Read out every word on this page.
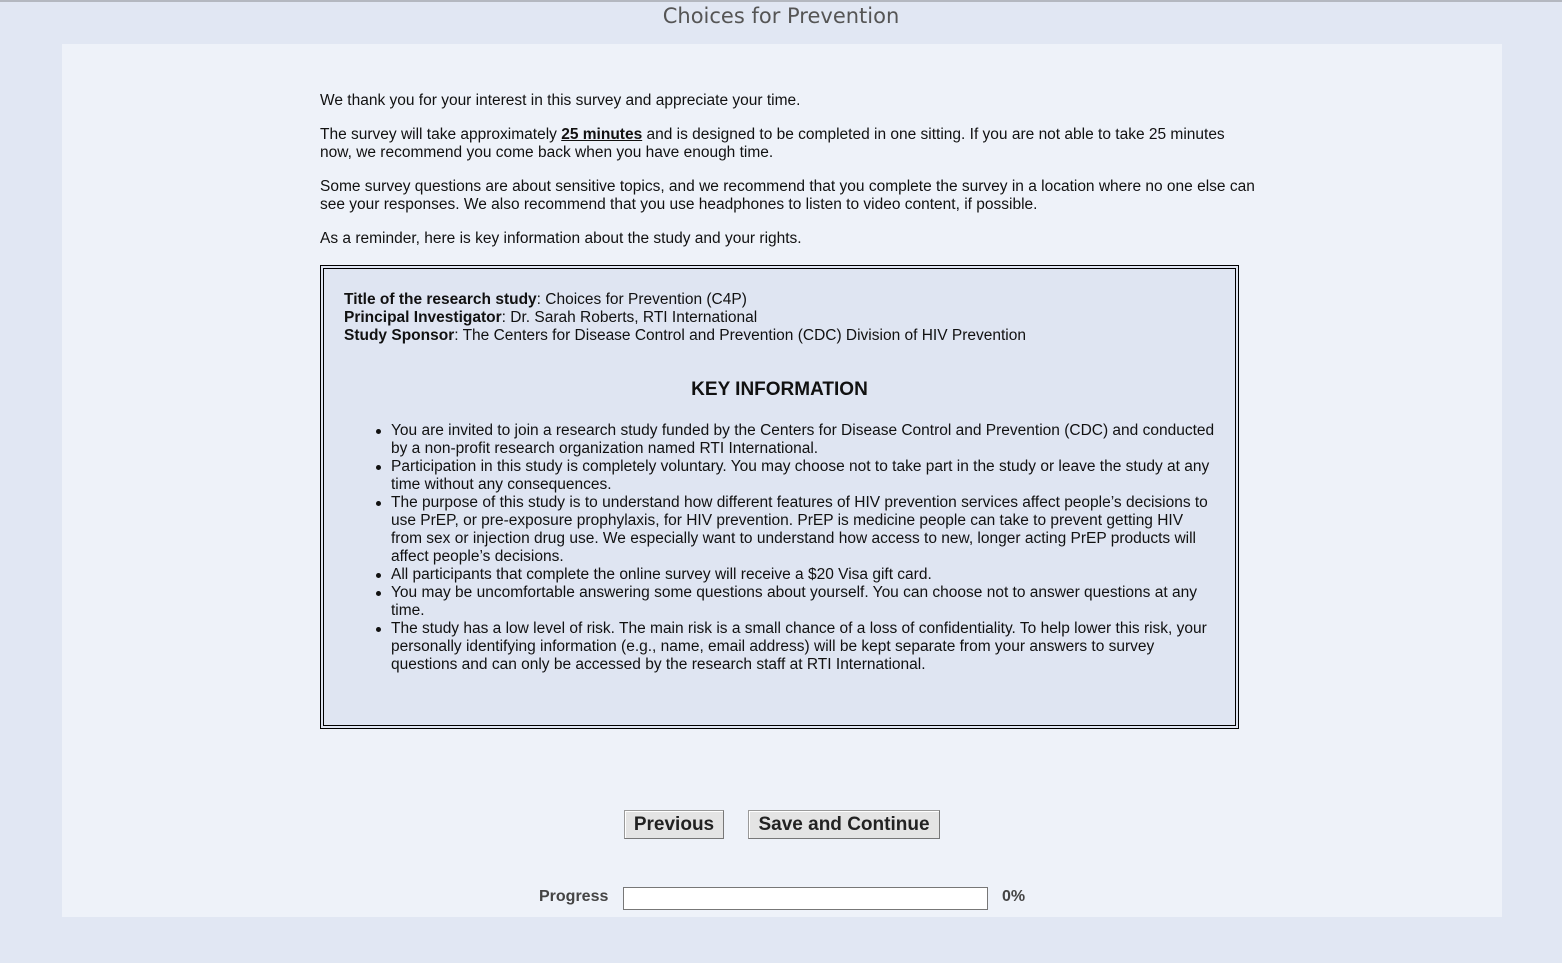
Choices for Prevention

We thank you for your interest in this survey and appreciate your time.

The survey will take approximately 25 minutes and is designed to be completed in one sitting. If you are not able to take 25 minutes now, we recommend you come back when you have enough time.

Some survey questions are about sensitive topics, and we recommend that you complete the survey in a location where no one else can see your responses. We also recommend that you use headphones to listen to video content, if possible.

As a reminder, here is key information about the study and your rights.

Title of the research study: Choices for Prevention (C4P)
Principal Investigator: Dr. Sarah Roberts, RTI International
Study Sponsor: The Centers for Disease Control and Prevention (CDC) Division of HIV Prevention
KEY INFORMATION
You are invited to join a research study funded by the Centers for Disease Control and Prevention (CDC) and conducted by a non-profit research organization named RTI International.
Participation in this study is completely voluntary. You may choose not to take part in the study or leave the study at any time without any consequences.
The purpose of this study is to understand how different features of HIV prevention services affect people’s decisions to use PrEP, or pre-exposure prophylaxis, for HIV prevention. PrEP is medicine people can take to prevent getting HIV from sex or injection drug use. We especially want to understand how access to new, longer acting PrEP products will affect people’s decisions.
All participants that complete the online survey will receive a $20 Visa gift card.
You may be uncomfortable answering some questions about yourself. You can choose not to answer questions at any time.
The study has a low level of risk. The main risk is a small chance of a loss of confidentiality. To help lower this risk, your personally identifying information (e.g., name, email address) will be kept separate from your answers to survey questions and can only be accessed by the research staff at RTI International.
Previous	Save and Continue
Progress	0%
